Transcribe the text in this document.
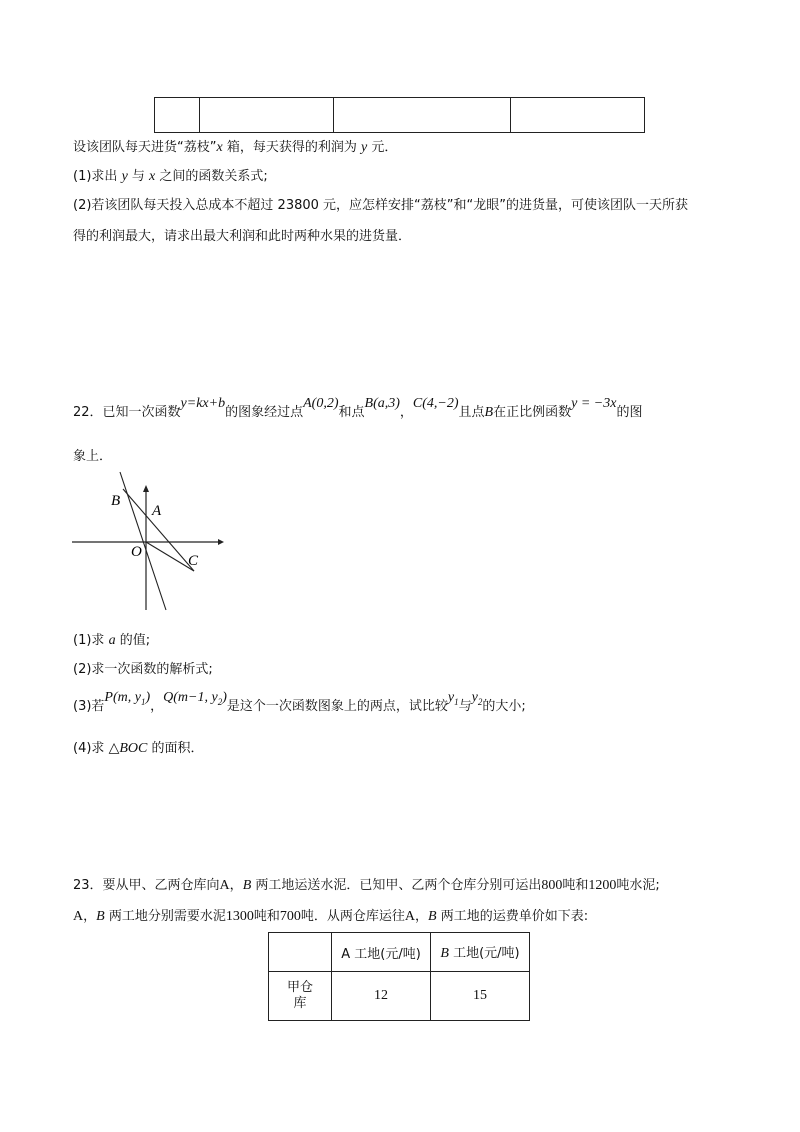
设该团队每天进货“荔枝”x 箱，每天获得的利润为 y 元．
(1)求出 y 与 x 之间的函数关系式;
(2)若该团队每天投入总成本不超过 23800 元，应怎样安排“荔枝”和“龙眼”的进货量，可使该团队一天所获
得的利润最大，请求出最大利润和此时两种水果的进货量．
22．已知一次函数y=kx+b的图象经过点A(0,2)和点B(a,3)，C(4,−2)且点B在正比例函数y = −3x的图
象上．
B
A
O
C
(1)求 a 的值;
(2)求一次函数的解析式;
(3)若P(m, $y_1$)，Q(m−1, $y_2$)是这个一次函数图象上的两点，试比较$y_1$与$y_2$的大小;
(4)求 △BOC 的面积．
23．要从甲、乙两仓库向A，B 两工地运送水泥．已知甲、乙两个仓库分别可运出800吨和1200吨水泥;
A，B 两工地分别需要水泥1300吨和700吨．从两仓库运往A，B 两工地的运费单价如下表:
	A 工地(元/吨)	B 工地(元/吨)
甲仓
库	12	15
